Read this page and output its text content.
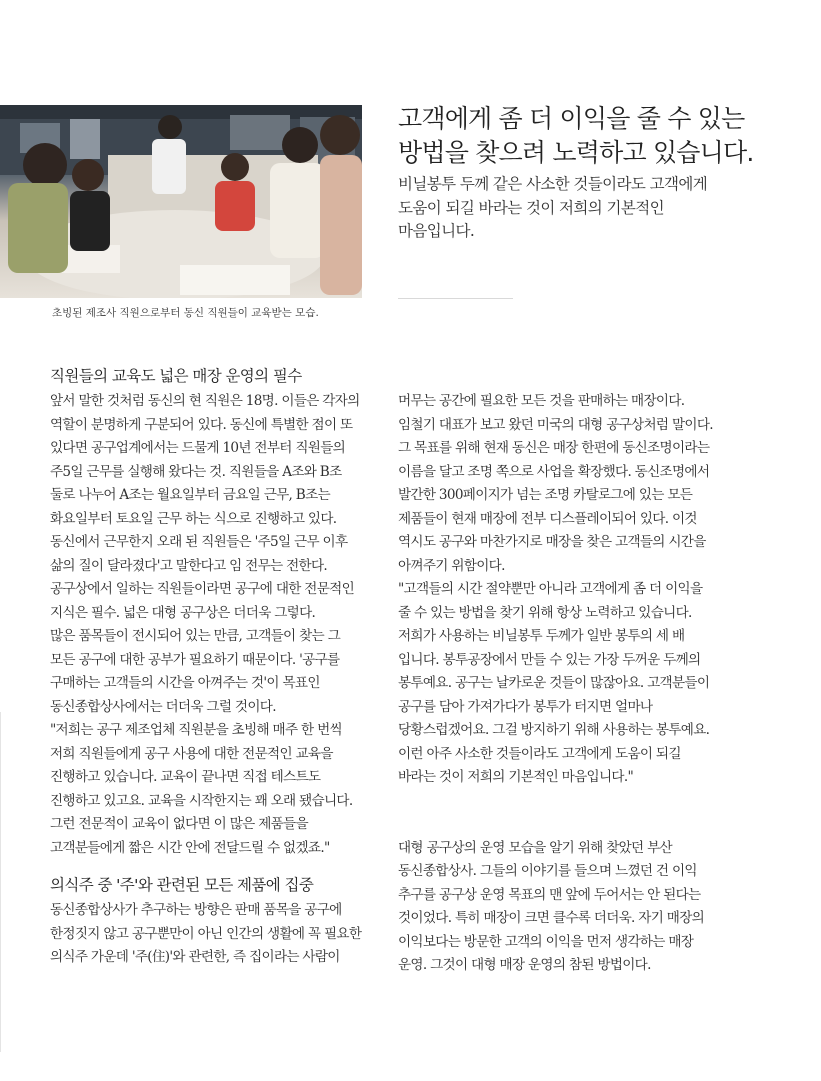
초빙된 제조사 직원으로부터 동신 직원들이 교육받는 모습.
고객에게 좀 더 이익을 줄 수 있는
방법을 찾으려 노력하고 있습니다.
비닐봉투 두께 같은 사소한 것들이라도 고객에게
도움이 되길 바라는 것이 저희의 기본적인
마음입니다.
직원들의 교육도 넓은 매장 운영의 필수
앞서 말한 것처럼 동신의 현 직원은 18명. 이들은 각자의
역할이 분명하게 구분되어 있다. 동신에 특별한 점이 또
있다면 공구업계에서는 드물게 10년 전부터 직원들의
주5일 근무를 실행해 왔다는 것. 직원들을 A조와 B조
둘로 나누어 A조는 월요일부터 금요일 근무, B조는
화요일부터 토요일 근무 하는 식으로 진행하고 있다.
동신에서 근무한지 오래 된 직원들은 '주5일 근무 이후
삶의 질이 달라졌다'고 말한다고 임 전무는 전한다.
공구상에서 일하는 직원들이라면 공구에 대한 전문적인
지식은 필수. 넓은 대형 공구상은 더더욱 그렇다.
많은 품목들이 전시되어 있는 만큼, 고객들이 찾는 그
모든 공구에 대한 공부가 필요하기 때문이다. '공구를
구매하는 고객들의 시간을 아껴주는 것'이 목표인
동신종합상사에서는 더더욱 그럴 것이다.
"저희는 공구 제조업체 직원분을 초빙해 매주 한 번씩
저희 직원들에게 공구 사용에 대한 전문적인 교육을
진행하고 있습니다. 교육이 끝나면 직접 테스트도
진행하고 있고요. 교육을 시작한지는 꽤 오래 됐습니다.
그런 전문적이 교육이 없다면 이 많은 제품들을
고객분들에게 짧은 시간 안에 전달드릴 수 없겠죠."
의식주 중 '주'와 관련된 모든 제품에 집중
동신종합상사가 추구하는 방향은 판매 품목을 공구에
한정짓지 않고 공구뿐만이 아닌 인간의 생활에 꼭 필요한
의식주 가운데 '주(住)'와 관련한, 즉 집이라는 사람이
머무는 공간에 필요한 모든 것을 판매하는 매장이다.
임철기 대표가 보고 왔던 미국의 대형 공구상처럼 말이다.
그 목표를 위해 현재 동신은 매장 한편에 동신조명이라는
이름을 달고 조명 쪽으로 사업을 확장했다. 동신조명에서
발간한 300페이지가 넘는 조명 카탈로그에 있는 모든
제품들이 현재 매장에 전부 디스플레이되어 있다. 이것
역시도 공구와 마찬가지로 매장을 찾은 고객들의 시간을
아껴주기 위함이다.
"고객들의 시간 절약뿐만 아니라 고객에게 좀 더 이익을
줄 수 있는 방법을 찾기 위해 항상 노력하고 있습니다.
저희가 사용하는 비닐봉투 두께가 일반 봉투의 세 배
입니다. 봉투공장에서 만들 수 있는 가장 두꺼운 두께의
봉투예요. 공구는 날카로운 것들이 많잖아요. 고객분들이
공구를 담아 가져가다가 봉투가 터지면 얼마나
당황스럽겠어요. 그걸 방지하기 위해 사용하는 봉투예요.
이런 아주 사소한 것들이라도 고객에게 도움이 되길
바라는 것이 저희의 기본적인 마음입니다."
대형 공구상의 운영 모습을 알기 위해 찾았던 부산
동신종합상사. 그들의 이야기를 들으며 느꼈던 건 이익
추구를 공구상 운영 목표의 맨 앞에 두어서는 안 된다는
것이었다. 특히 매장이 크면 클수록 더더욱. 자기 매장의
이익보다는 방문한 고객의 이익을 먼저 생각하는 매장
운영. 그것이 대형 매장 운영의 참된 방법이다.
